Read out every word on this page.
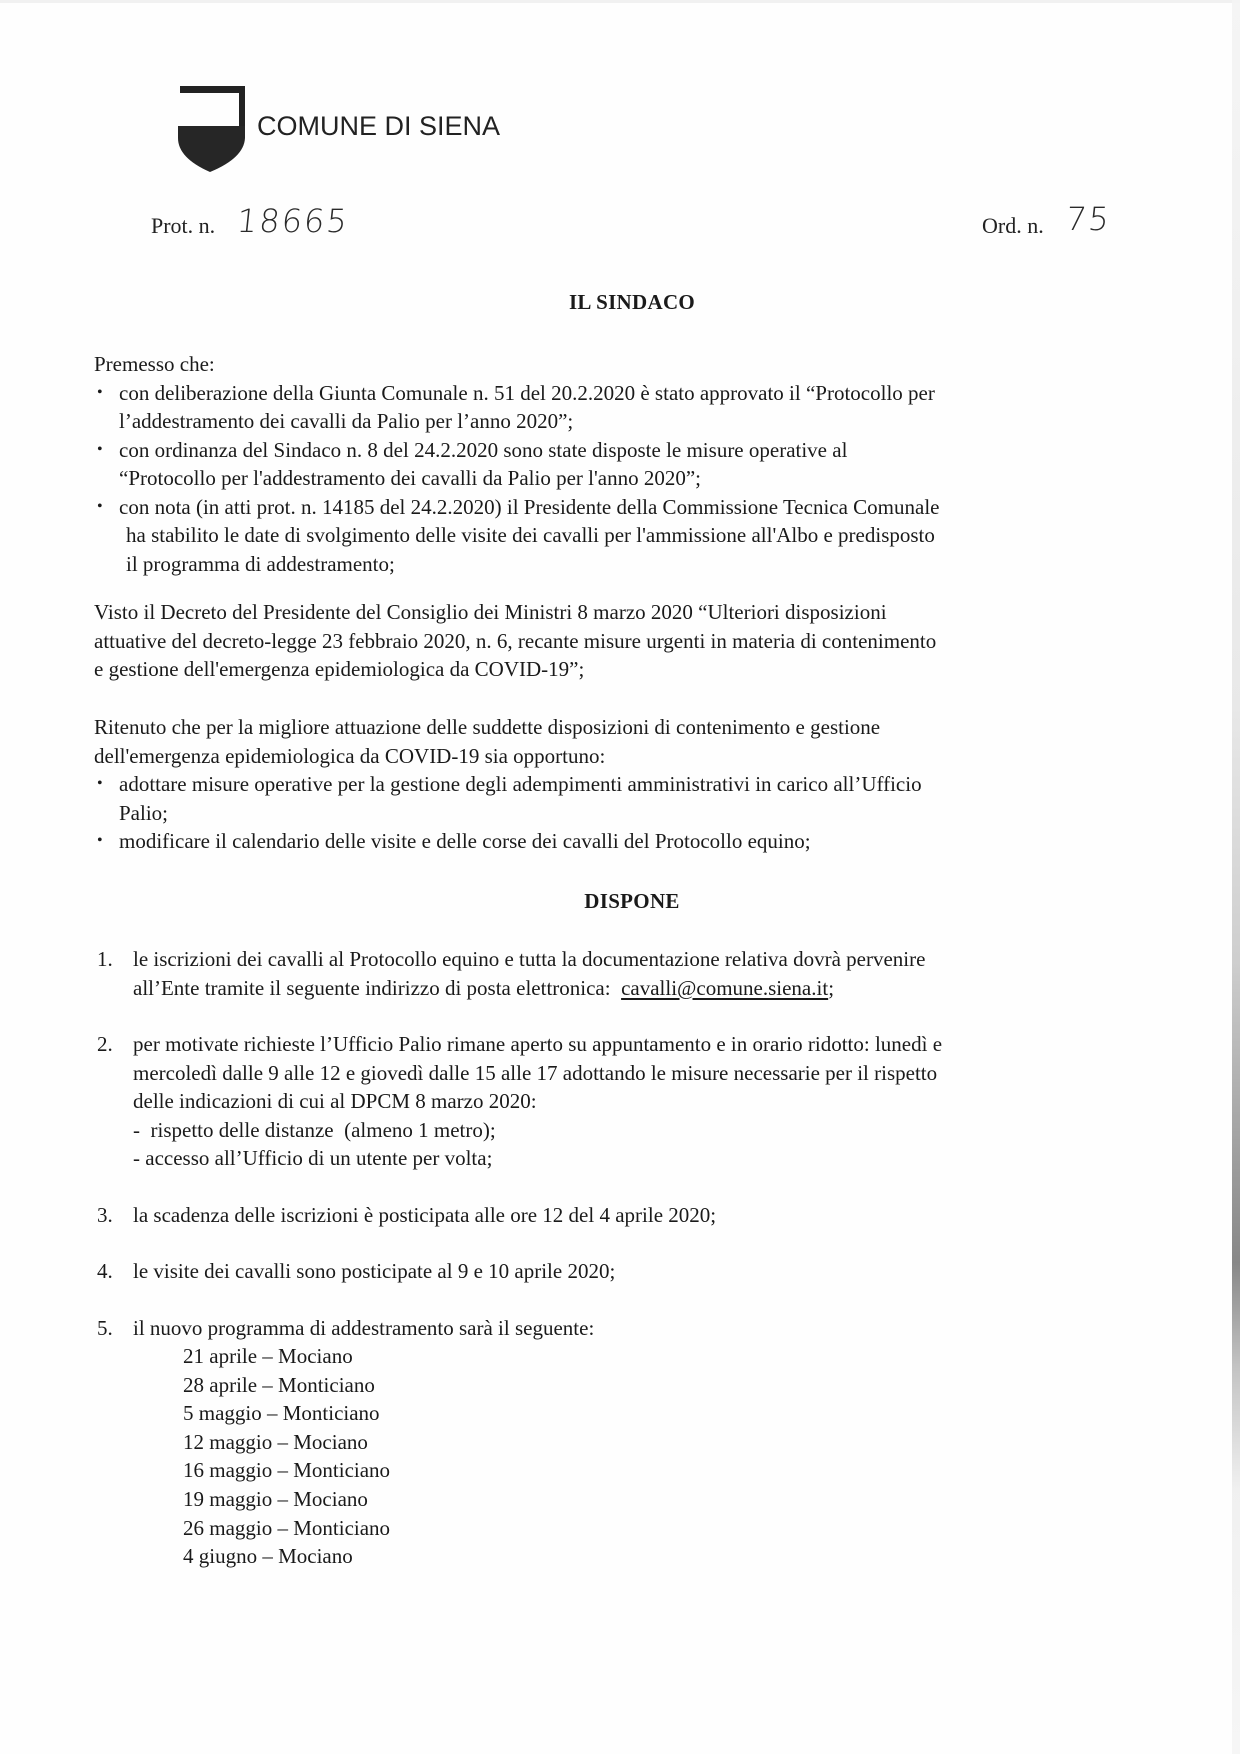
COMUNE DI SIENA
Prot. n. 18665	Ord. n. 75
IL SINDACO

Premesso che:

• con deliberazione della Giunta Comunale n. 51 del 20.2.2020 è stato approvato il “Protocollo per
l’addestramento dei cavalli da Palio per l’anno 2020”;
• con ordinanza del Sindaco n. 8 del 24.2.2020 sono state disposte le misure operative al
“Protocollo per l'addestramento dei cavalli da Palio per l'anno 2020”;
• con nota (in atti prot. n. 14185 del 24.2.2020) il Presidente della Commissione Tecnica Comunale
ha stabilito le date di svolgimento delle visite dei cavalli per l'ammissione all'Albo e predisposto
il programma di addestramento;

Visto il Decreto del Presidente del Consiglio dei Ministri 8 marzo 2020 “Ulteriori disposizioni
attuative del decreto-legge 23 febbraio 2020, n. 6, recante misure urgenti in materia di contenimento
e gestione dell'emergenza epidemiologica da COVID-19”;

Ritenuto che per la migliore attuazione delle suddette disposizioni di contenimento e gestione
dell'emergenza epidemiologica da COVID-19 sia opportuno:

• adottare misure operative per la gestione degli adempimenti amministrativi in carico all’Ufficio
Palio;
• modificare il calendario delle visite e delle corse dei cavalli del Protocollo equino;
DISPONE
1. le iscrizioni dei cavalli al Protocollo equino e tutta la documentazione relativa dovrà pervenire
all’Ente tramite il seguente indirizzo di posta elettronica:  cavalli@comune.siena.it;
2. per motivate richieste l’Ufficio Palio rimane aperto su appuntamento e in orario ridotto: lunedì e
mercoledì dalle 9 alle 12 e giovedì dalle 15 alle 17 adottando le misure necessarie per il rispetto
delle indicazioni di cui al DPCM 8 marzo 2020:

-  rispetto delle distanze  (almeno 1 metro);
- accesso all’Ufficio di un utente per volta;
3. la scadenza delle iscrizioni è posticipata alle ore 12 del 4 aprile 2020;
4. le visite dei cavalli sono posticipate al 9 e 10 aprile 2020;
5. il nuovo programma di addestramento sarà il seguente:
21 aprile – Mociano
28 aprile – Monticiano
5 maggio – Monticiano
12 maggio – Mociano
16 maggio – Monticiano
19 maggio – Mociano
26 maggio – Monticiano
4 giugno – Mociano
